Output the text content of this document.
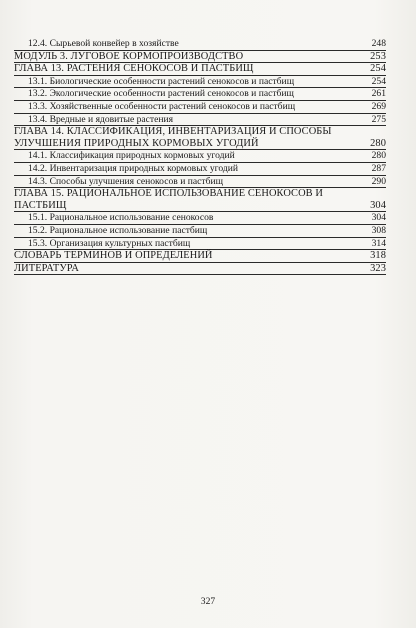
12.4. Сырьевой конвейер в хозяйстве	248
МОДУЛЬ 3. ЛУГОВОЕ КОРМОПРОИЗВОДСТВО	253
ГЛАВА 13. РАСТЕНИЯ СЕНОКОСОВ И ПАСТБИЩ	254
13.1. Биологические особенности растений сенокосов и пастбищ	254
13.2. Экологические особенности растений сенокосов и пастбищ	261
13.3. Хозяйственные особенности растений сенокосов и пастбищ	269
13.4. Вредные и ядовитые растения	275
ГЛАВА 14. КЛАССИФИКАЦИЯ, ИНВЕНТАРИЗАЦИЯ И СПОСОБЫ УЛУЧШЕНИЯ ПРИРОДНЫХ КОРМОВЫХ УГОДИЙ	280
14.1. Классификация природных кормовых угодий	280
14.2. Инвентаризация природных кормовых угодий	287
14.3. Способы улучшения сенокосов и пастбищ	290
ГЛАВА 15. РАЦИОНАЛЬНОЕ ИСПОЛЬЗОВАНИЕ СЕНОКОСОВ И ПАСТБИЩ	304
15.1. Рациональное использование сенокосов	304
15.2. Рациональное использование пастбищ	308
15.3. Организация культурных пастбищ	314
СЛОВАРЬ ТЕРМИНОВ И ОПРЕДЕЛЕНИЙ	318
ЛИТЕРАТУРА	323
327
